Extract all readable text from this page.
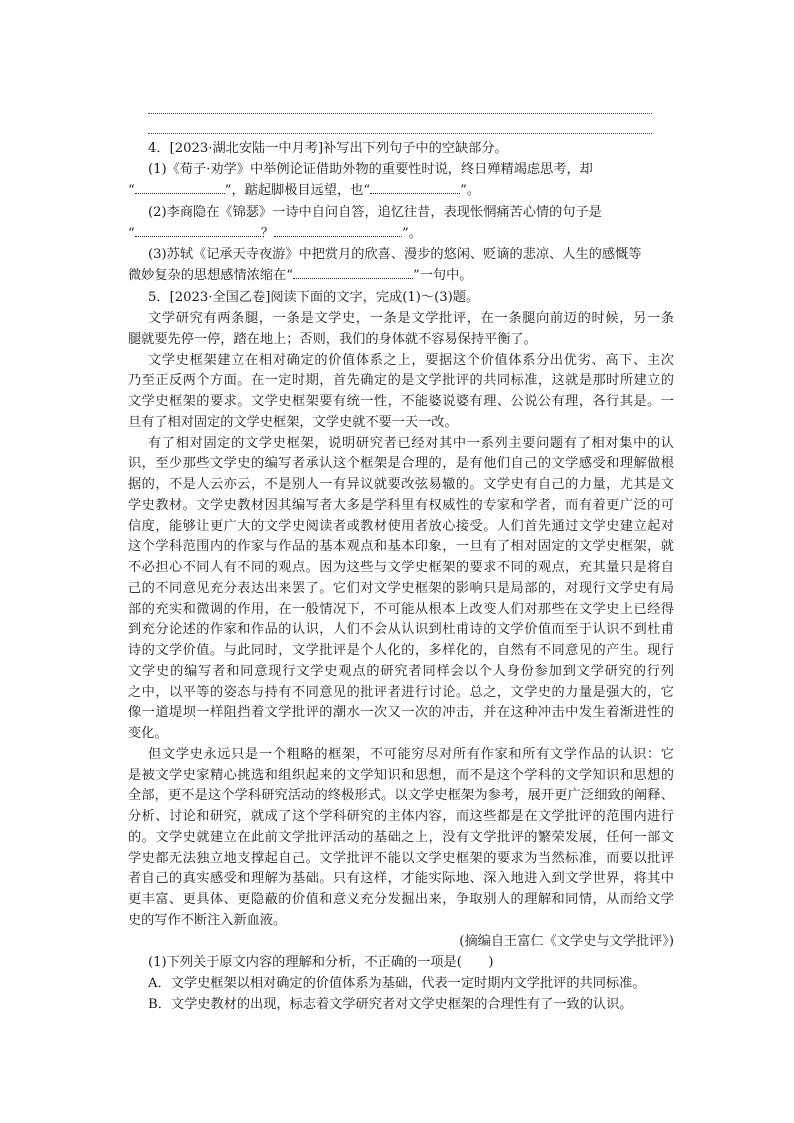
4．[2023·湖北安陆一中月考]补写出下列句子中的空缺部分。
(1)《荀子·劝学》中举例论证借助外物的重要性时说，终日殚精竭虑思考，却
“	”，踮起脚极目远望，也“	”。
(2)李商隐在《锦瑟》一诗中自问自答，追忆往昔，表现怅惘痛苦心情的句子是
“	？	”。
(3)苏轼《记承天寺夜游》中把赏月的欣喜、漫步的悠闲、贬谪的悲凉、人生的感慨等
微妙复杂的思想感情浓缩在“	”一句中。
5．[2023·全国乙卷]阅读下面的文字，完成(1)～(3)题。
文学研究有两条腿，一条是文学史，一条是文学批评，在一条腿向前迈的时候，另一条
腿就要先停一停，踏在地上；否则，我们的身体就不容易保持平衡了。
文学史框架建立在相对确定的价值体系之上，要据这个价值体系分出优劣、高下、主次
乃至正反两个方面。在一定时期，首先确定的是文学批评的共同标准，这就是那时所建立的
文学史框架的要求。文学史框架要有统一性，不能婆说婆有理、公说公有理，各行其是。一
旦有了相对固定的文学史框架，文学史就不要一天一改。
有了相对固定的文学史框架，说明研究者已经对其中一系列主要问题有了相对集中的认
识，至少那些文学史的编写者承认这个框架是合理的，是有他们自己的文学感受和理解做根
据的，不是人云亦云，不是别人一有异议就要改弦易辙的。文学史有自己的力量，尤其是文
学史教材。文学史教材因其编写者大多是学科里有权威性的专家和学者，而有着更广泛的可
信度，能够让更广大的文学史阅读者或教材使用者放心接受。人们首先通过文学史建立起对
这个学科范围内的作家与作品的基本观点和基本印象，一旦有了相对固定的文学史框架，就
不必担心不同人有不同的观点。因为这些与文学史框架的要求不同的观点，充其量只是将自
己的不同意见充分表达出来罢了。它们对文学史框架的影响只是局部的，对现行文学史有局
部的充实和微调的作用，在一般情况下，不可能从根本上改变人们对那些在文学史上已经得
到充分论述的作家和作品的认识，人们不会从认识到杜甫诗的文学价值而至于认识不到杜甫
诗的文学价值。与此同时，文学批评是个人化的，多样化的，自然有不同意见的产生。现行
文学史的编写者和同意现行文学史观点的研究者同样会以个人身份参加到文学研究的行列
之中，以平等的姿态与持有不同意见的批评者进行讨论。总之，文学史的力量是强大的，它
像一道堤坝一样阻挡着文学批评的潮水一次又一次的冲击，并在这种冲击中发生着渐进性的
变化。
但文学史永远只是一个粗略的框架，不可能穷尽对所有作家和所有文学作品的认识：它
是被文学史家精心挑选和组织起来的文学知识和思想，而不是这个学科的文学知识和思想的
全部，更不是这个学科研究活动的终极形式。以文学史框架为参考，展开更广泛细致的阐释、
分析、讨论和研究，就成了这个学科研究的主体内容，而这些都是在文学批评的范围内进行
的。文学史就建立在此前文学批评活动的基础之上，没有文学批评的繁荣发展，任何一部文
学史都无法独立地支撑起自己。文学批评不能以文学史框架的要求为当然标准，而要以批评
者自己的真实感受和理解为基础。只有这样，才能实际地、深入地进入到文学世界，将其中
更丰富、更具体、更隐蔽的价值和意义充分发掘出来，争取别人的理解和同情，从而给文学
史的写作不断注入新血液。
(摘编自王富仁《文学史与文学批评》)
(1)下列关于原文内容的理解和分析，不正确的一项是(　　)
A．文学史框架以相对确定的价值体系为基础，代表一定时期内文学批评的共同标准。
B．文学史教材的出现，标志着文学研究者对文学史框架的合理性有了一致的认识。
